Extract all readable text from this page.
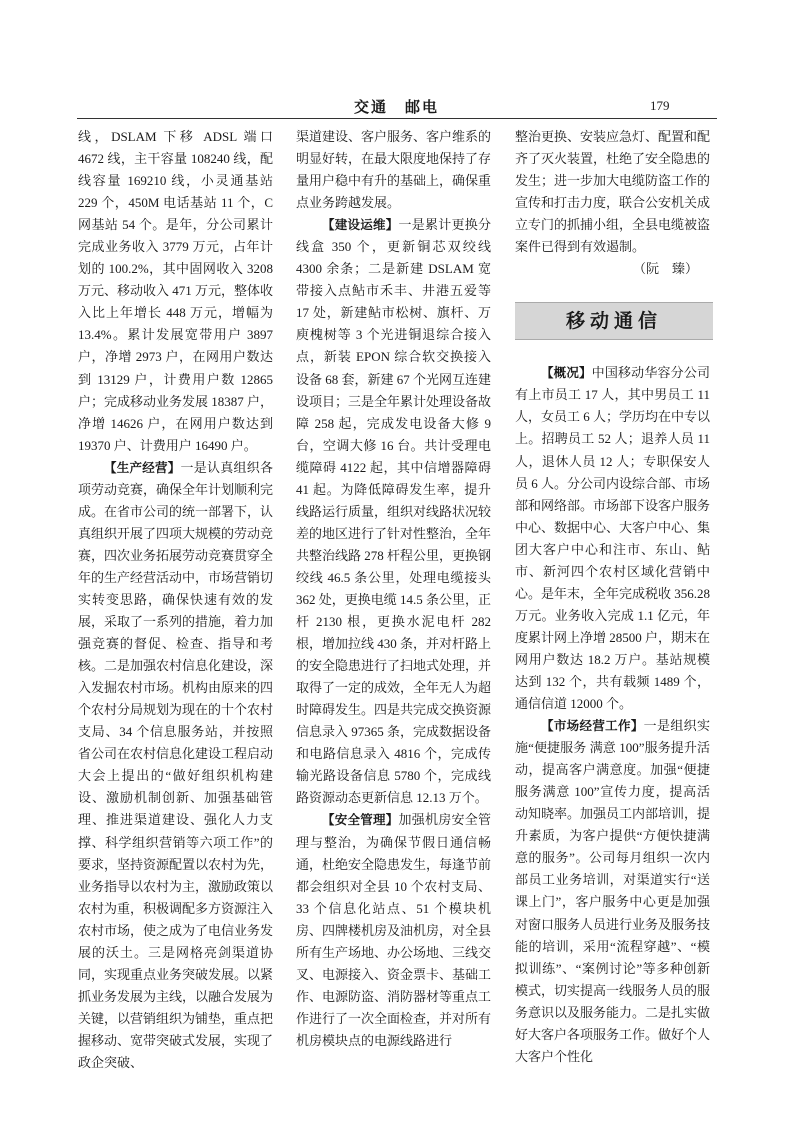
交通　邮电	179

线，DSLAM 下移 ADSL 端口 4672 线，主干容量 108240 线，配线容量 169210 线，小灵通基站 229 个，450M 电话基站 11 个，C 网基站 54 个。是年，分公司累计完成业务收入 3779 万元，占年计划的 100.2%，其中固网收入 3208 万元、移动收入 471 万元，整体收入比上年增长 448 万元，增幅为 13.4%。累计发展宽带用户 3897 户，净增 2973 户，在网用户数达到 13129 户，计费用户数 12865 户；完成移动业务发展 18387 户，净增 14626 户，在网用户数达到 19370 户、计费用户 16490 户。

【生产经营】一是认真组织各项劳动竞赛，确保全年计划顺利完成。在省市公司的统一部署下，认真组织开展了四项大规模的劳动竞赛，四次业务拓展劳动竞赛贯穿全年的生产经营活动中，市场营销切实转变思路，确保快速有效的发展，采取了一系列的措施，着力加强竞赛的督促、检查、指导和考核。二是加强农村信息化建设，深入发掘农村市场。机构由原来的四个农村分局规划为现在的十个农村支局、34 个信息服务站，并按照省公司在农村信息化建设工程启动大会上提出的“做好组织机构建设、激励机制创新、加强基础管理、推进渠道建设、强化人力支撑、科学组织营销等六项工作”的要求，坚持资源配置以农村为先，业务指导以农村为主，激励政策以农村为重，积极调配多方资源注入农村市场，使之成为了电信业务发展的沃土。三是网格亮剑渠道协同，实现重点业务突破发展。以紧抓业务发展为主线，以融合发展为关键，以营销组织为铺垫，重点把握移动、宽带突破式发展，实现了政企突破、

渠道建设、客户服务、客户维系的明显好转，在最大限度地保持了存量用户稳中有升的基础上，确保重点业务跨越发展。

【建设运维】一是累计更换分线盒 350 个，更新铜芯双绞线 4300 余条；二是新建 DSLAM 宽带接入点鲇市禾丰、井港五爱等 17 处，新建鲇市松树、旗杆、万庾槐树等 3 个光进铜退综合接入点，新装 EPON 综合软交换接入设备 68 套，新建 67 个光网互连建设项目；三是全年累计处理设备故障 258 起，完成发电设备大修 9 台，空调大修 16 台。共计受理电缆障碍 4122 起，其中信增器障碍 41 起。为降低障碍发生率，提升线路运行质量，组织对线路状况较差的地区进行了针对性整治，全年共整治线路 278 杆程公里，更换钢绞线 46.5 条公里，处理电缆接头 362 处，更换电缆 14.5 条公里，正杆 2130 根，更换水泥电杆 282 根，增加拉线 430 条，并对杆路上的安全隐患进行了扫地式处理，并取得了一定的成效，全年无人为超时障碍发生。四是共完成交换资源信息录入 97365 条，完成数据设备和电路信息录入 4816 个，完成传输光路设备信息 5780 个，完成线路资源动态更新信息 12.13 万个。

【安全管理】加强机房安全管理与整治，为确保节假日通信畅通，杜绝安全隐患发生，每逢节前都会组织对全县 10 个农村支局、33 个信息化站点、51 个模块机房、四牌楼机房及油机房，对全县所有生产场地、办公场地、三线交叉、电源接入、资金票卡、基础工作、电源防盗、消防器材等重点工作进行了一次全面检查，并对所有机房模块点的电源线路进行

整治更换、安装应急灯、配置和配齐了灭火装置，杜绝了安全隐患的发生；进一步加大电缆防盗工作的宣传和打击力度，联合公安机关成立专门的抓捕小组，全县电缆被盗案件已得到有效遏制。

（阮　臻）

移动通信

【概况】中国移动华容分公司有上市员工 17 人，其中男员工 11 人，女员工 6 人；学历均在中专以上。招聘员工 52 人；退养人员 11 人，退休人员 12 人；专职保安人员 6 人。分公司内设综合部、市场部和网络部。市场部下设客户服务中心、数据中心、大客户中心、集团大客户中心和注市、东山、鲇市、新河四个农村区域化营销中心。是年末，全年完成税收 356.28 万元。业务收入完成 1.1 亿元，年度累计网上净增 28500 户，期末在网用户数达 18.2 万户。基站规模达到 132 个，共有载频 1489 个，通信信道 12000 个。

【市场经营工作】一是组织实施“便捷服务 满意 100”服务提升活动，提高客户满意度。加强“便捷服务满意 100”宣传力度，提高活动知晓率。加强员工内部培训，提升素质，为客户提供“方便快捷满意的服务”。公司每月组织一次内部员工业务培训，对渠道实行“送课上门”，客户服务中心更是加强对窗口服务人员进行业务及服务技能的培训，采用“流程穿越”、“模拟训练”、“案例讨论”等多种创新模式，切实提高一线服务人员的服务意识以及服务能力。二是扎实做好大客户各项服务工作。做好个人大客户个性化
